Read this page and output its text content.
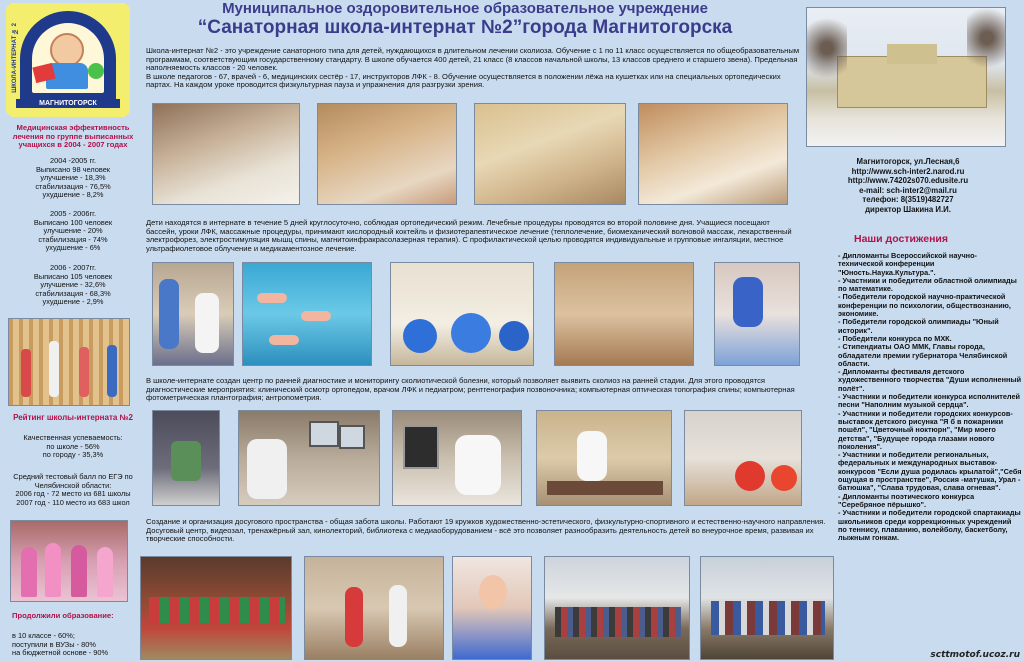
ШКОЛА-ИНТЕРНАТ № 2
МАГНИТОГОРСК
Муниципальное оздоровительное образовательное учреждение
“Санаторная школа-интернат №2”города Магнитогорска
Школа-интернат №2 - это учреждение санаторного типа для детей, нуждающихся в длительном лечении сколиоза. Обучение с 1 по 11 класс осуществляется по общеобразовательным программам, соответствующим государственному стандарту. В школе обучается 400 детей, 21 класс (8 классов начальной школы, 13 классов среднего и старшего звена). Предельная наполняемость классов - 20 человек.
В школе педагогов - 67, врачей - 6, медицинских сестёр - 17, инструкторов ЛФК - 8. Обучение осуществляется в положении лёжа на кушетках или на специальных ортопедических партах. На каждом уроке проводится физкультурная пауза и упражнения для разгрузки зрения.
Медицинская эффективность лечения по группе выписанных учащихся в 2004 - 2007 годах
2004 -2005 гг.
Выписано 98 человек
улучшение - 18,3%
стабилизация - 76,5%
ухудшение - 8,2%
2005 - 2006гг.
Выписано 100 человек
улучшение - 20%
стабилизация - 74%
ухудшение - 6%
2006 - 2007гг.
Выписано 105 человек
улучшение - 32,6%
стабилизация - 68,3%
ухудшение - 2,9%
Рейтинг школы-интерната №2
Качественная успеваемость:
по школе - 56%
по городу - 35,3%
Средний тестовый балл по ЕГЭ по Челябинской области:
2006 год - 72 место из 681 школы
2007 год - 110 место из 683 школ
Продолжили образование:
в 10 классе - 60%;
поступили в ВУЗы - 80%
на бюджетной основе - 90%
Магнитогорск, ул.Лесная,6
http://www.sch-inter2.narod.ru
http://www.74202s070.edusite.ru
e-mail: sch-inter2@mail.ru
телефон: 8(3519)482727
директор Шакина И.И.
Дети находятся в интернате в течение 5 дней круглосуточно, соблюдая ортопедический режим. Лечебные процедуры проводятся во второй половине дня. Учащиеся посещают бассейн, уроки ЛФК, массажные процедуры, принимают кислородный коктейль и физиотерапевтическое лечение (теплолечение, биомеханический волновой массаж, лекарственный электрофорез, электростимуляция мышц спины, магнитоинфракрасолазерная терапия). С профилактической целью проводятся индивидуальные и групповые ингаляции, местное ультрафиолетовое облучение и медикаментозное лечение.
В школе-интернате создан центр по ранней диагностике и мониторингу сколиотической болезни, который позволяет выявить сколиоз на ранней стадии. Для этого проводятся диагностические мероприятия: клинический осмотр ортопедом, врачом ЛФК и педиатром; рентгенография позвоночника; компьютерная оптическая топография спины; компьютерная фотометрическая плантография; антропометрия.
Создание и организация досугового пространства - общая забота школы. Работают 19 кружков художественно-эстетического, физкультурно-спортивного и естественно-научного направления. Досуговый центр, видеозал, тренажёрный зал, кинолекторий, библиотека с медиаоборудованием - всё это позволяет разнообразить деятельность детей во внеурочное время, развивая их творческие способности.
Наши достижения
- Дипломанты Всероссийской научно-технической конференции "Юность.Наука.Культура.".
- Участники и победители областной олимпиады по математике.
- Победители городской научно-практической конференции по психологии, обществознанию, экономике.
- Победители городской олимпиады "Юный историк".
- Победители конкурса по МХК.
- Стипендиаты ОАО ММК, Главы города, обладатели премии губернатора Челябинской области.
- Дипломанты фестиваля детского художественного творчества "Души исполненный полёт".
- Участники и победители конкурса исполнителей песни "Наполним музыкой сердца".
- Участники и победители городских конкурсов-выставок детского рисунка "Я б в пожарники пошёл", "Цветочный ноктюрн", "Мир моего детства", "Будущее города глазами нового поколения".
- Участники и победители региональных, федеральных и международных выставок-конкурсов "Если душа родилась крылатой","Себя ощущая в пространстве", Россия -матушка, Урал - батюшка", "Слава трудовая, слава огневая".
- Дипломанты поэтического конкурса "Серебряное пёрышко".
- Участники и победители городской спартакиады школьников среди коррекционных учреждений по теннису, плаванию, волейболу, баскетболу, лыжным гонкам.
scttmotof.ucoz.ru
